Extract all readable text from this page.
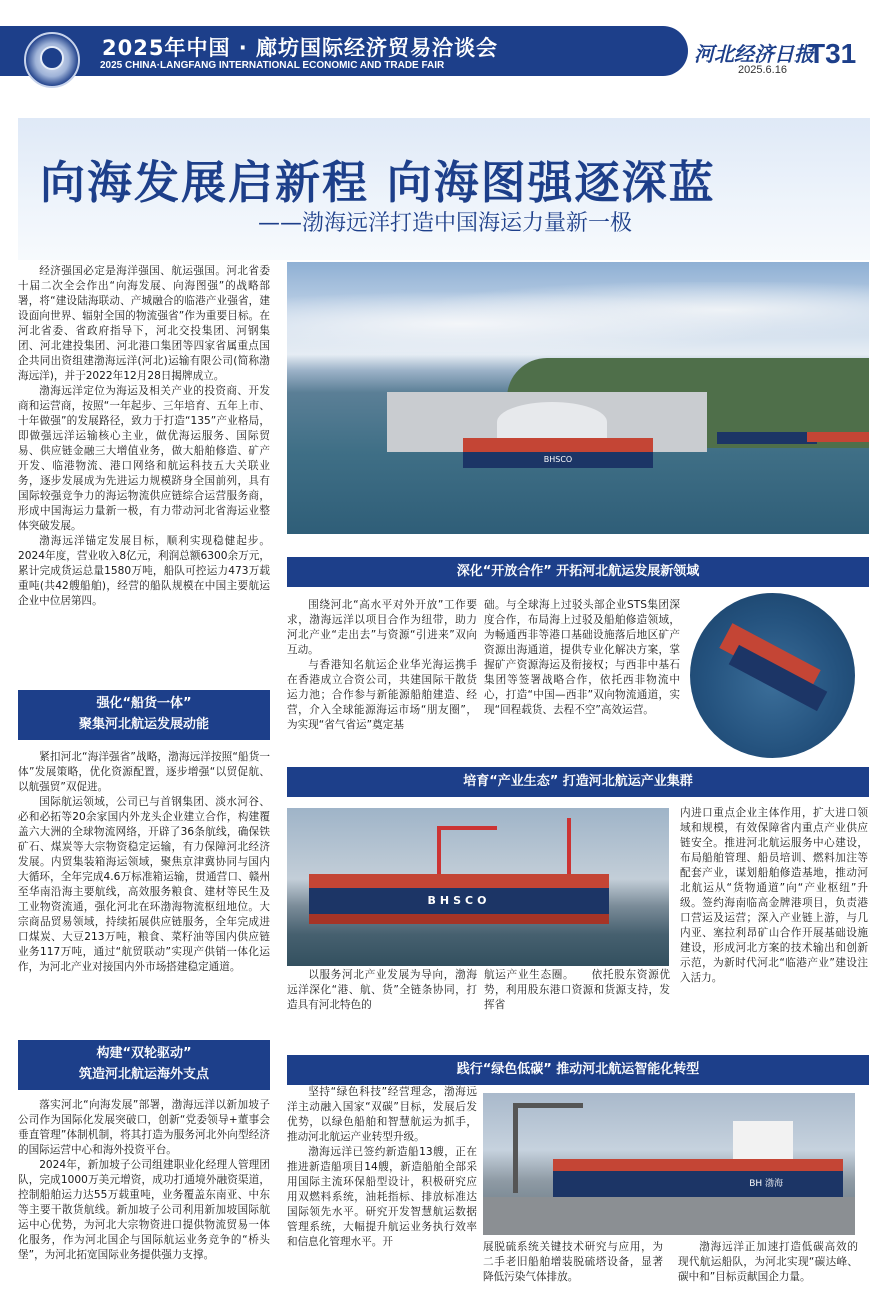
2025年中国 · 廊坊国际经济贸易洽谈会
2025 CHINA·LANGFANG INTERNATIONAL ECONOMIC AND TRADE FAIR	河北经济日报
T31
2025.6.16
向海发展启新程 向海图强逐深蓝
——渤海远洋打造中国海运力量新一极

经济强国必定是海洋强国、航运强国。河北省委十届二次全会作出“向海发展、向海图强”的战略部署，将“建设陆海联动、产城融合的临港产业强省，建设面向世界、辐射全国的物流强省”作为重要目标。在河北省委、省政府指导下，河北交投集团、河钢集团、河北建投集团、河北港口集团等四家省属重点国企共同出资组建渤海远洋(河北)运输有限公司(简称渤海远洋)，并于2022年12月28日揭牌成立。

渤海远洋定位为海运及相关产业的投资商、开发商和运营商，按照“一年起步、三年培育、五年上市、十年做强”的发展路径，致力于打造“135”产业格局，即做强远洋运输核心主业，做优海运服务、国际贸易、供应链金融三大增值业务，做大船舶修造、矿产开发、临港物流、港口网络和航运科技五大关联业务，逐步发展成为先进运力规模跻身全国前列，具有国际较强竞争力的海运物流供应链综合运营服务商，形成中国海运力量新一极，有力带动河北省海运业整体突破发展。

渤海远洋锚定发展目标，顺利实现稳健起步。2024年度，营业收入8亿元，利润总额6300余万元，累计完成货运总量1580万吨，船队可控运力473万载重吨(共42艘船舶)，经营的船队规模在中国主要航运企业中位居第四。

强化“船货一体”
聚集河北航运发展动能

紧扣河北“海洋强省”战略，渤海远洋按照“船货一体”发展策略，优化资源配置，逐步增强“以贸促航、以航强贸”双促进。

国际航运领域，公司已与首钢集团、淡水河谷、必和必拓等20余家国内外龙头企业建立合作，构建覆盖六大洲的全球物流网络，开辟了36条航线，确保铁矿石、煤炭等大宗物资稳定运输，有力保障河北经济发展。内贸集装箱海运领域，聚焦京津冀协同与国内大循环，全年完成4.6万标准箱运输，贯通营口、赣州至华南沿海主要航线，高效服务粮食、建材等民生及工业物资流通，强化河北在环渤海物流枢纽地位。大宗商品贸易领域，持续拓展供应链服务，全年完成进口煤炭、大豆213万吨，粮食、菜籽油等国内供应链业务117万吨，通过“航贸联动”实现产供销一体化运作，为河北产业对接国内外市场搭建稳定通道。

构建“双轮驱动”
筑造河北航运海外支点

落实河北“向海发展”部署，渤海远洋以新加坡子公司作为国际化发展突破口，创新“党委领导+董事会垂直管理”体制机制，将其打造为服务河北外向型经济的国际运营中心和海外投资平台。

2024年，新加坡子公司组建职业化经理人管理团队，完成1000万美元增资，成功打通境外融资渠道，控制船舶运力达55万载重吨，业务覆盖东南亚、中东等主要干散货航线。新加坡子公司利用新加坡国际航运中心优势，为河北大宗物资进口提供物流贸易一体化服务，作为河北国企与国际航运业务竞争的“桥头堡”，为河北拓宽国际业务提供强力支撑。

BHSCO
深化“开放合作” 开拓河北航运发展新领域

围绕河北“高水平对外开放”工作要求，渤海远洋以项目合作为纽带，助力河北产业“走出去”与资源“引进来”双向互动。

与香港知名航运企业华光海运携手在香港成立合资公司，共建国际干散货运力池；合作参与新能源船舶建造、经营，介入全球能源海运市场“朋友圈”，为实现“省气省运”奠定基

础。与全球海上过驳头部企业STS集团深度合作，布局海上过驳及船舶修造领域，为畅通西非等港口基础设施落后地区矿产资源出海通道，提供专业化解决方案，掌握矿产资源海运及衔接权；与西非中基石集团等签署战略合作，依托西非物流中心，打造“中国—西非”双向物流通道，实现“回程载货、去程不空”高效运营。
培育“产业生态” 打造河北航运产业集群
BHSCO

以服务河北产业发展为导向，渤海远洋深化“港、航、货”全链条协同，打造具有河北特色的

航运产业生态圈。　　依托股东资源优势，利用股东港口资源和货源支持，发挥省
内进口重点企业主体作用，扩大进口领域和规模，有效保障省内重点产业供应链安全。推进河北航运服务中心建设，布局船舶管理、船员培训、燃料加注等配套产业，谋划船舶修造基地，推动河北航运从“货物通道”向“产业枢纽”升级。签约海南临高金牌港项目，负责港口营运及运营；深入产业链上游，与几内亚、塞拉利昂矿山合作开展基础设施建设，形成河北方案的技术输出和创新示范，为新时代河北“临港产业”建设注入活力。
践行“绿色低碳” 推动河北航运智能化转型

坚持“绿色科技”经营理念，渤海远洋主动融入国家“双碳”目标，发展后发优势，以绿色船舶和智慧航运为抓手，推动河北航运产业转型升级。

渤海远洋已签约新造船13艘，正在推进新造船项目14艘，新造船舶全部采用国际主流环保船型设计，积极研究应用双燃料系统，油耗指标、排放标准达国际领先水平。研究开发智慧航运数据管理系统，大幅提升航运业务执行效率和信息化管理水平。开

BH 渤海
展脱硫系统关键技术研究与应用，为二手老旧船舶增装脱硫塔设备，显著降低污染气体排放。

渤海远洋正加速打造低碳高效的现代航运船队，为河北实现“碳达峰、碳中和”目标贡献国企力量。
